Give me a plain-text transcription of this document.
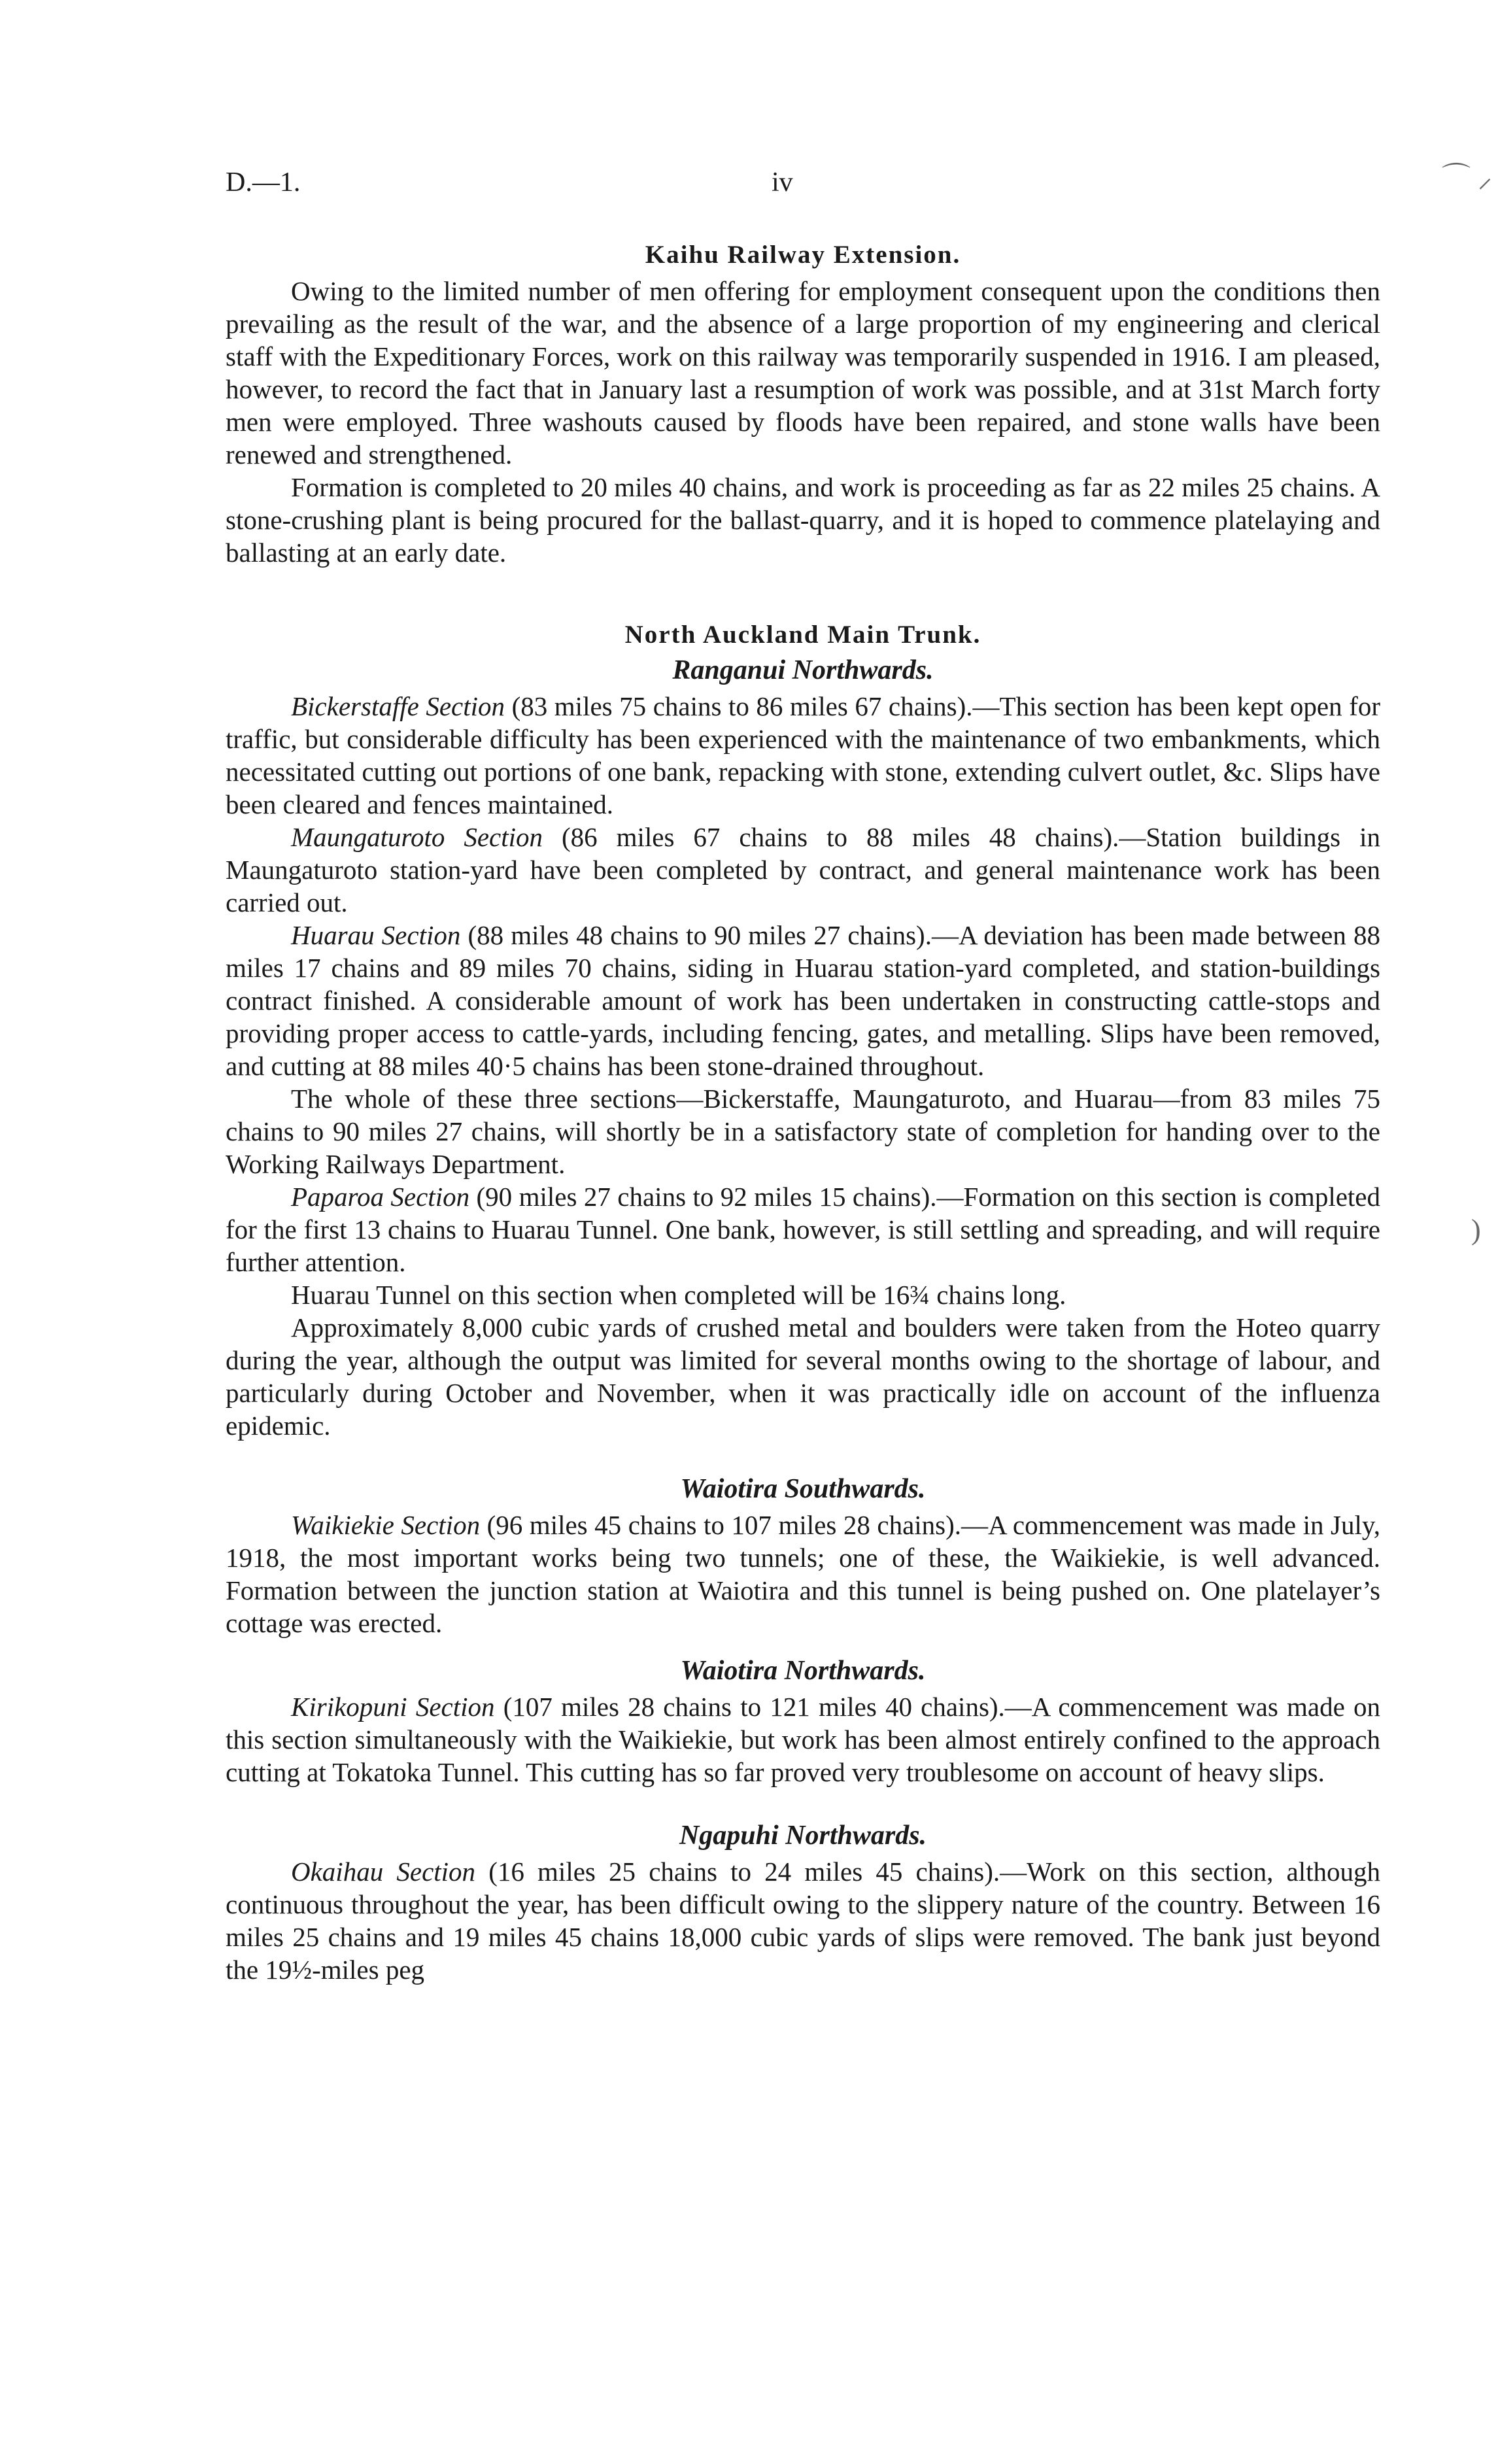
⌒ ⸝
)
D.—1.	iv
Kaihu Railway Extension.

Owing to the limited number of men offering for employment consequent upon the conditions then prevailing as the result of the war, and the absence of a large proportion of my engineering and clerical staff with the Expeditionary Forces, work on this railway was temporarily suspended in 1916. I am pleased, however, to record the fact that in January last a resumption of work was possible, and at 31st March forty men were employed. Three washouts caused by floods have been repaired, and stone walls have been renewed and strengthened.

Formation is completed to 20 miles 40 chains, and work is proceeding as far as 22 miles 25 chains. A stone-crushing plant is being procured for the ballast-quarry, and it is hoped to commence platelaying and ballasting at an early date.

North Auckland Main Trunk.
Ranganui Northwards.

Bickerstaffe Section (83 miles 75 chains to 86 miles 67 chains).—This section has been kept open for traffic, but considerable difficulty has been experienced with the maintenance of two embankments, which necessitated cutting out portions of one bank, repacking with stone, extending culvert outlet, &c. Slips have been cleared and fences maintained.

Maungaturoto Section (86 miles 67 chains to 88 miles 48 chains).—Station buildings in Maungaturoto station-yard have been completed by contract, and general maintenance work has been carried out.

Huarau Section (88 miles 48 chains to 90 miles 27 chains).—A deviation has been made between 88 miles 17 chains and 89 miles 70 chains, siding in Huarau station-yard completed, and station-buildings contract finished. A considerable amount of work has been undertaken in constructing cattle-stops and providing proper access to cattle-yards, including fencing, gates, and metalling. Slips have been removed, and cutting at 88 miles 40·5 chains has been stone-drained throughout.

The whole of these three sections—Bickerstaffe, Maungaturoto, and Huarau—from 83 miles 75 chains to 90 miles 27 chains, will shortly be in a satisfactory state of completion for handing over to the Working Railways Department.

Paparoa Section (90 miles 27 chains to 92 miles 15 chains).—Formation on this section is completed for the first 13 chains to Huarau Tunnel. One bank, however, is still settling and spreading, and will require further attention.

Huarau Tunnel on this section when completed will be 16¾ chains long.

Approximately 8,000 cubic yards of crushed metal and boulders were taken from the Hoteo quarry during the year, although the output was limited for several months owing to the shortage of labour, and particularly during October and November, when it was practically idle on account of the influenza epidemic.

Waiotira Southwards.

Waikiekie Section (96 miles 45 chains to 107 miles 28 chains).—A commencement was made in July, 1918, the most important works being two tunnels; one of these, the Waikiekie, is well advanced. Formation between the junction station at Waiotira and this tunnel is being pushed on. One platelayer’s cottage was erected.

Waiotira Northwards.

Kirikopuni Section (107 miles 28 chains to 121 miles 40 chains).—A commencement was made on this section simultaneously with the Waikiekie, but work has been almost entirely confined to the approach cutting at Tokatoka Tunnel. This cutting has so far proved very troublesome on account of heavy slips.

Ngapuhi Northwards.

Okaihau Section (16 miles 25 chains to 24 miles 45 chains).—Work on this section, although continuous throughout the year, has been difficult owing to the slippery nature of the country. Between 16 miles 25 chains and 19 miles 45 chains 18,000 cubic yards of slips were removed. The bank just beyond the 19½-miles peg
